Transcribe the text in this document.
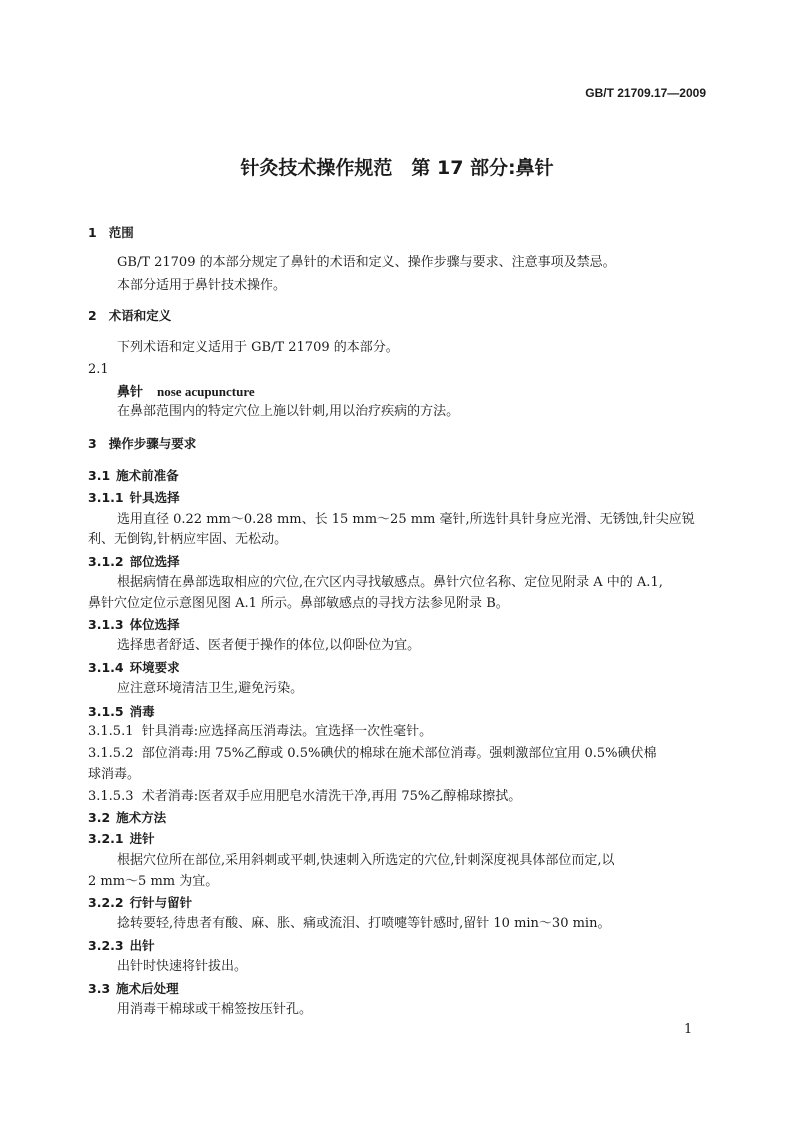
GB/T 21709.17—2009
针灸技术操作规范　第 17 部分:鼻针
1 范围
GB/T 21709 的本部分规定了鼻针的术语和定义、操作步骤与要求、注意事项及禁忌。
本部分适用于鼻针技术操作。
2 术语和定义
下列术语和定义适用于 GB/T 21709 的本部分。
2.1
鼻针 nose acupuncture
在鼻部范围内的特定穴位上施以针刺,用以治疗疾病的方法。
3 操作步骤与要求
3.1 施术前准备
3.1.1 针具选择
选用直径 0.22 mm～0.28 mm、长 15 mm～25 mm 毫针,所选针具针身应光滑、无锈蚀,针尖应锐
利、无倒钩,针柄应牢固、无松动。
3.1.2 部位选择
根据病情在鼻部选取相应的穴位,在穴区内寻找敏感点。鼻针穴位名称、定位见附录 A 中的 A.1,
鼻针穴位定位示意图见图 A.1 所示。鼻部敏感点的寻找方法参见附录 B。
3.1.3 体位选择
选择患者舒适、医者便于操作的体位,以仰卧位为宜。
3.1.4 环境要求
应注意环境清洁卫生,避免污染。
3.1.5 消毒
3.1.5.1 针具消毒:应选择高压消毒法。宜选择一次性毫针。
3.1.5.2 部位消毒:用 75%乙醇或 0.5%碘伏的棉球在施术部位消毒。强刺激部位宜用 0.5%碘伏棉
球消毒。
3.1.5.3 术者消毒:医者双手应用肥皂水清洗干净,再用 75%乙醇棉球擦拭。
3.2 施术方法
3.2.1 进针
根据穴位所在部位,采用斜刺或平刺,快速刺入所选定的穴位,针刺深度视具体部位而定,以
2 mm～5 mm 为宜。
3.2.2 行针与留针
捻转要轻,待患者有酸、麻、胀、痛或流泪、打喷嚏等针感时,留针 10 min～30 min。
3.2.3 出针
出针时快速将针拔出。
3.3 施术后处理
用消毒干棉球或干棉签按压针孔。
1
